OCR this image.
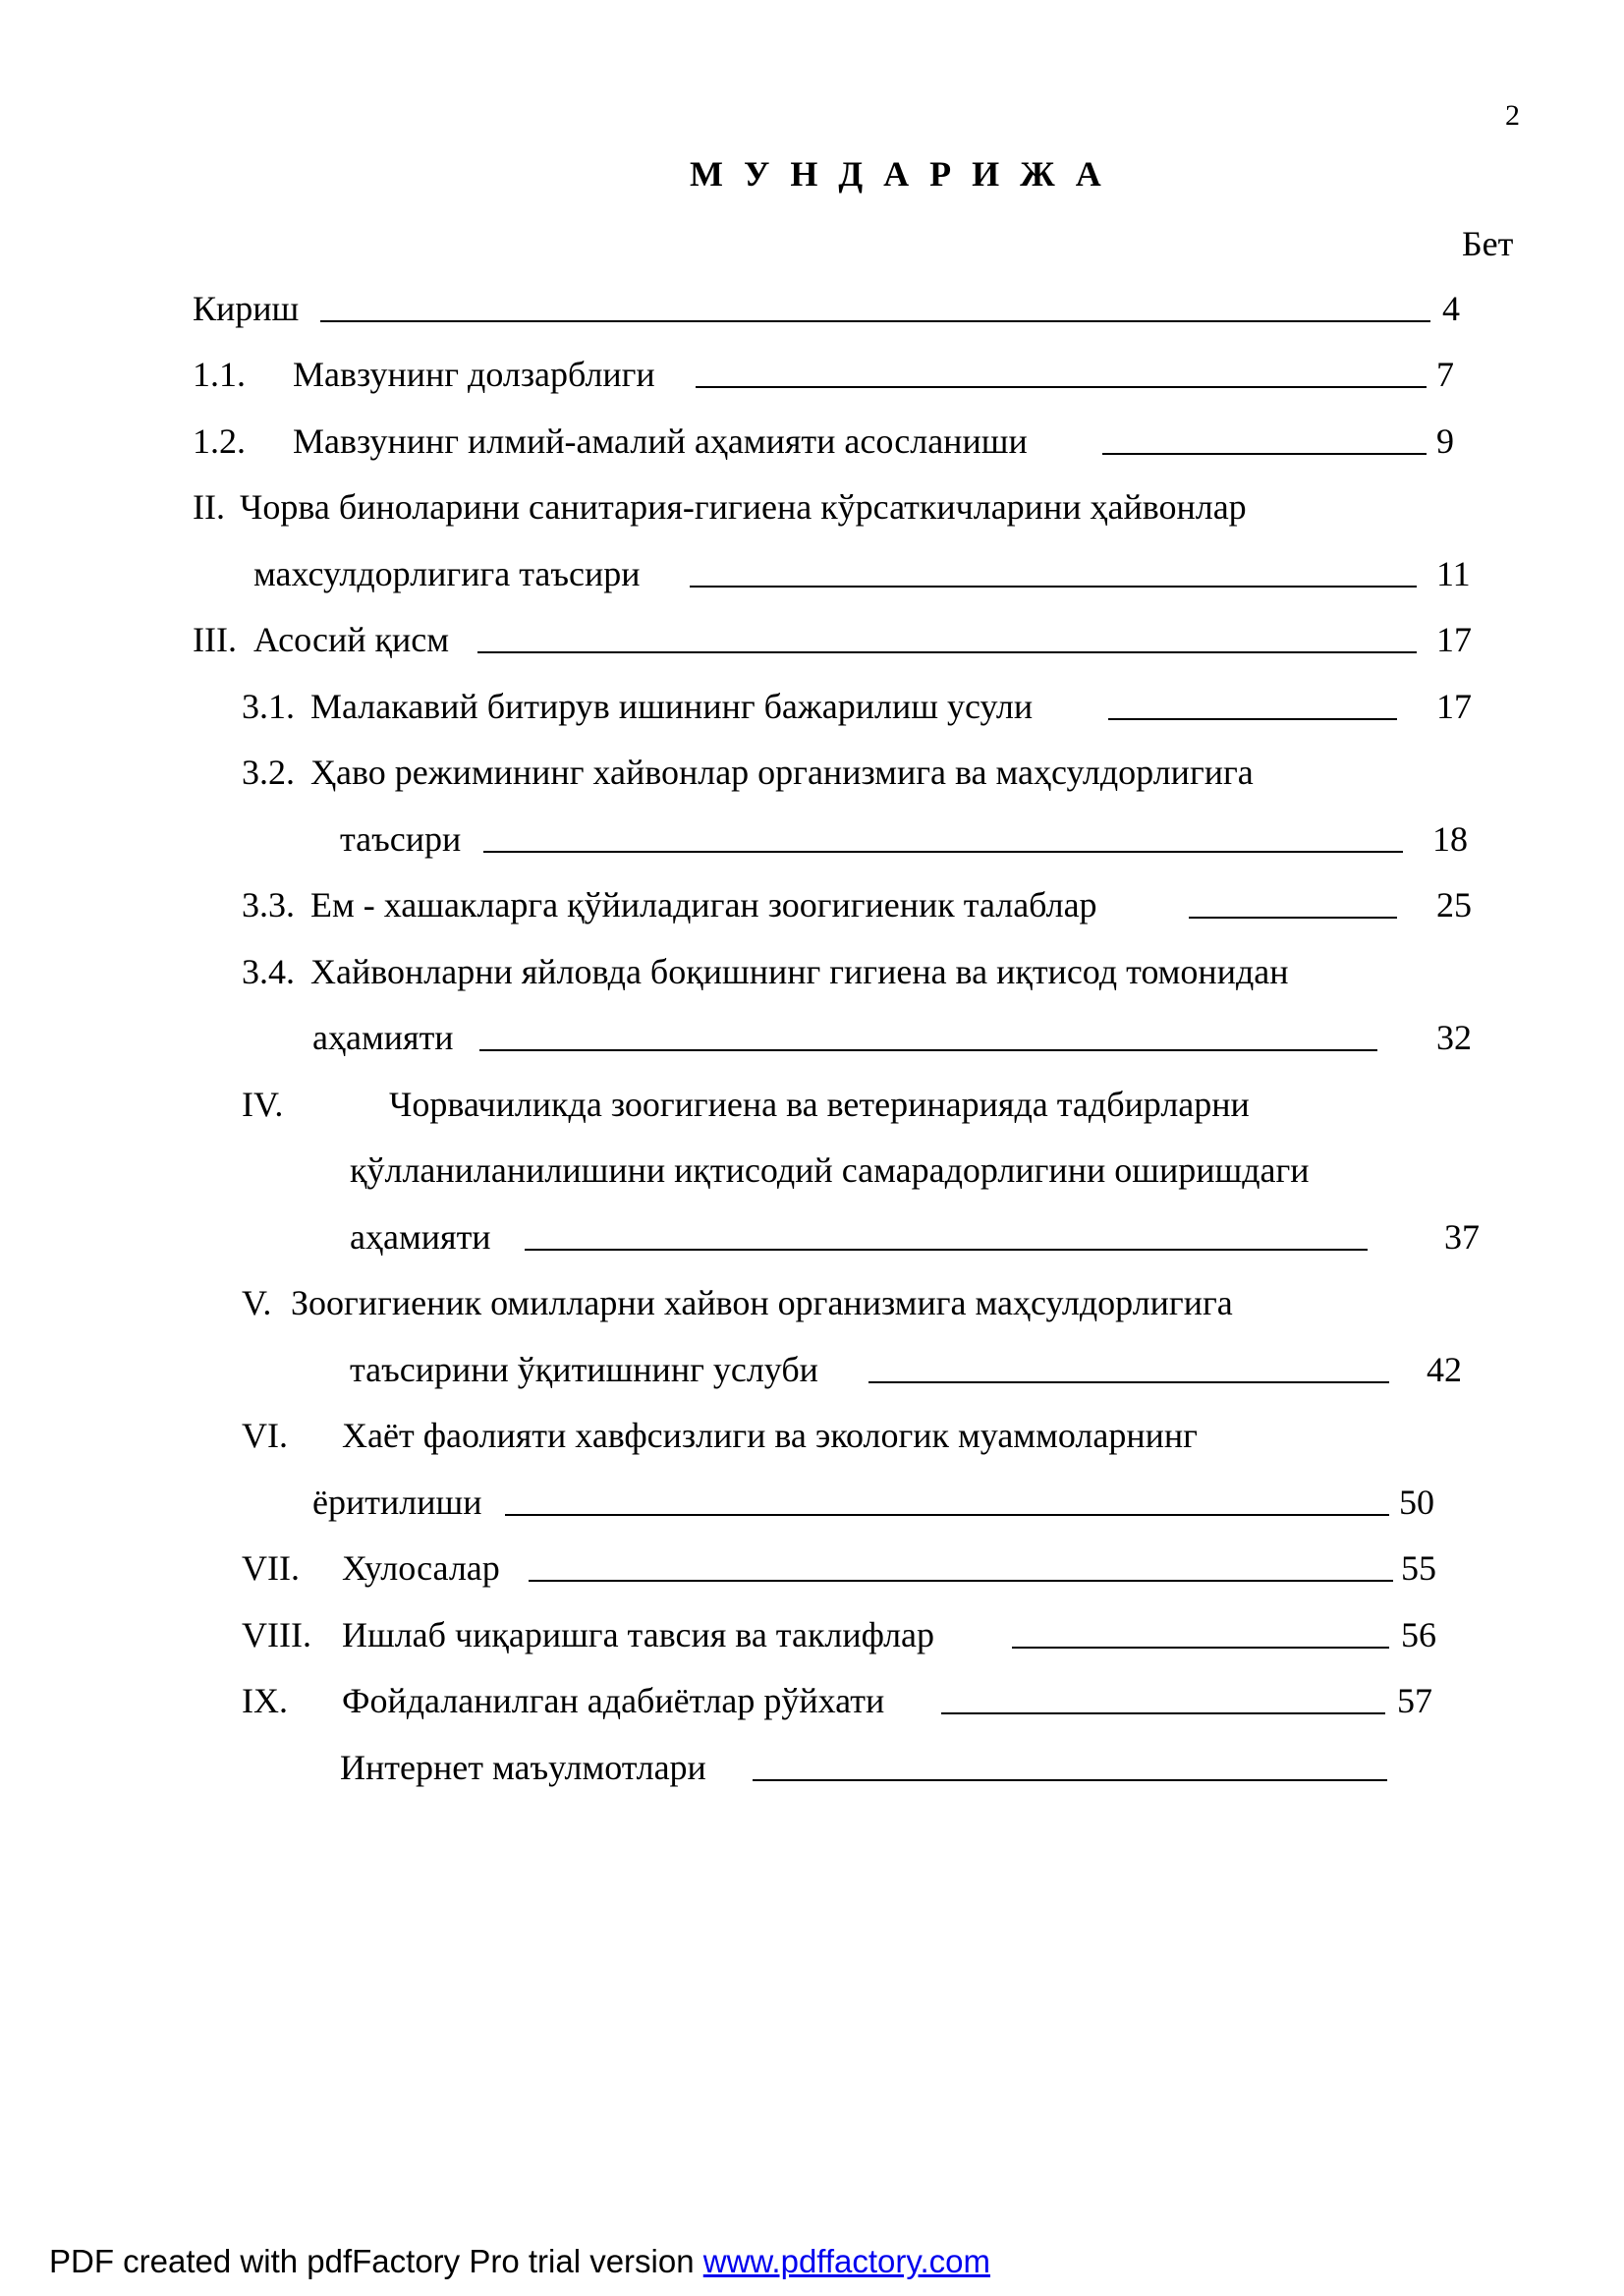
2
М У Н Д А Р И Ж А
Бет
Кириш	4
1.1. Мавзунинг долзарблиги	7
1.2. Мавзунинг илмий-амалий аҳамияти асосланиши	9
II. Чорва биноларини санитария-гигиена кўрсаткичларини ҳайвонлар
махсулдорлигига таъсири	11
III. Асосий қисм	17
3.1. Малакавий битирув ишининг бажарилиш усули	17
3.2. Ҳаво режимининг хайвонлар организмига ва маҳсулдорлигига
таъсири	18
3.3. Ем - хашакларга қўйиладиган зоогигиеник талаблар	25
3.4. Хайвонларни яйловда боқишнинг гигиена ва иқтисод томонидан
аҳамияти	32
IV.	Чорвачиликда зоогигиена ва ветеринарияда тадбирларни
қўлланиланилишини иқтисодий самарадорлигини оширишдаги
аҳамияти	37
V. Зоогигиеник омилларни хайвон организмига маҳсулдорлигига
таъсирини ўқитишнинг услуби	42
VI. Хаёт фаолияти хавфсизлиги ва экологик муаммоларнинг
ёритилиши	50
VII. Хулосалар	55
VIII. Ишлаб чиқаришга тавсия ва таклифлар	56
IX. Фойдаланилган адабиётлар рўйхати	57
Интернет маъулмотлари
PDF created with pdfFactory Pro trial version www.pdffactory.com
